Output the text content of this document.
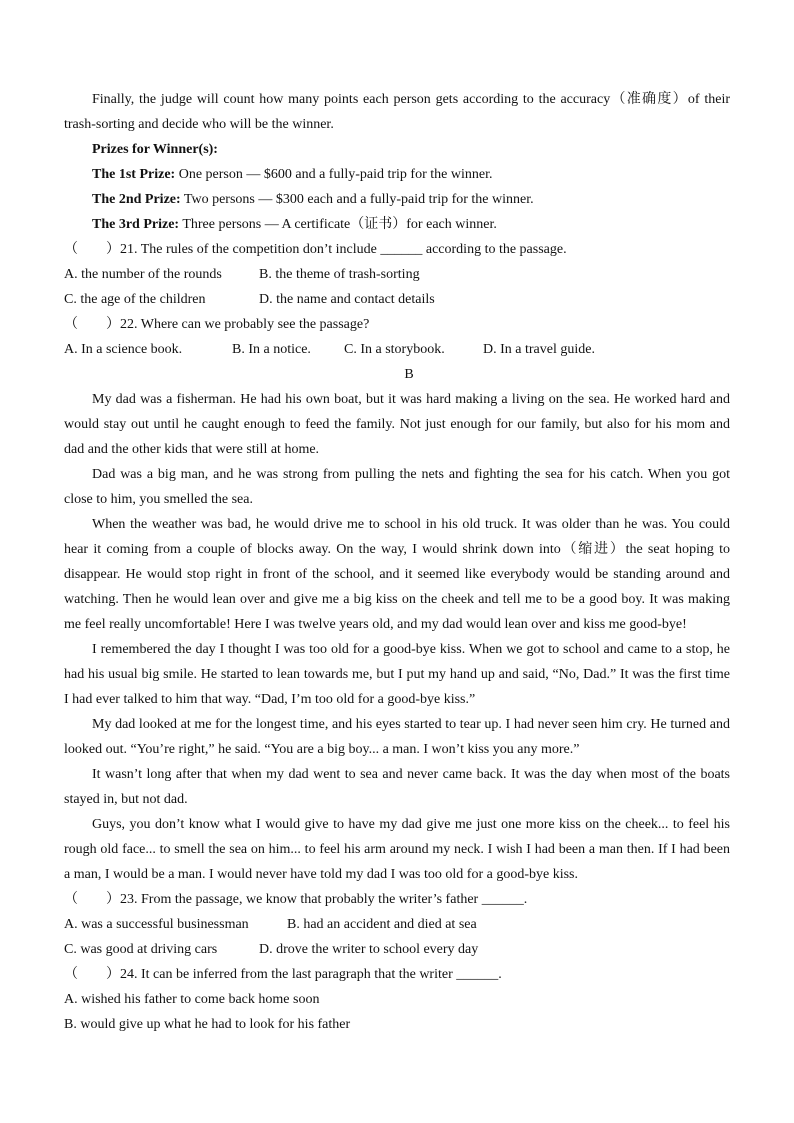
Finally, the judge will count how many points each person gets according to the accuracy（准确度）of their
trash-sorting and decide who will be the winner.
Prizes for Winner(s):
The 1st Prize: One person — $600 and a fully-paid trip for the winner.
The 2nd Prize: Two persons — $300 each and a fully-paid trip for the winner.
The 3rd Prize: Three persons — A certificate（证书）for each winner.
（　　）21. The rules of the competition don’t include ______ according to the passage.
A. the number of the rounds	B. the theme of trash-sorting
C. the age of the children	D. the name and contact details
（　　）22. Where can we probably see the passage?
A. In a science book.	B. In a notice. C. In a storybook.	D. In a travel guide.
B
My dad was a fisherman. He had his own boat, but it was hard making a living on the sea. He worked hard and
would stay out until he caught enough to feed the family. Not just enough for our family, but also for his mom and
dad and the other kids that were still at home.
Dad was a big man, and he was strong from pulling the nets and fighting the sea for his catch. When you got
close to him, you smelled the sea.
When the weather was bad, he would drive me to school in his old truck. It was older than he was. You could
hear it coming from a couple of blocks away. On the way, I would shrink down into（缩进）the seat hoping to
disappear. He would stop right in front of the school, and it seemed like everybody would be standing around and
watching. Then he would lean over and give me a big kiss on the cheek and tell me to be a good boy. It was making
me feel really uncomfortable! Here I was twelve years old, and my dad would lean over and kiss me good-bye!
I remembered the day I thought I was too old for a good-bye kiss. When we got to school and came to a stop, he
had his usual big smile. He started to lean towards me, but I put my hand up and said, “No, Dad.” It was the first time
I had ever talked to him that way. “Dad, I’m too old for a good-bye kiss.”
My dad looked at me for the longest time, and his eyes started to tear up. I had never seen him cry. He turned and
looked out. “You’re right,” he said. “You are a big boy... a man. I won’t kiss you any more.”
It wasn’t long after that when my dad went to sea and never came back. It was the day when most of the boats
stayed in, but not dad.
Guys, you don’t know what I would give to have my dad give me just one more kiss on the cheek... to feel his
rough old face... to smell the sea on him... to feel his arm around my neck. I wish I had been a man then. If I had been
a man, I would be a man. I would never have told my dad I was too old for a good-bye kiss.
（　　）23. From the passage, we know that probably the writer’s father ______.
A. was a successful businessman	B. had an accident and died at sea
C. was good at driving cars	D. drove the writer to school every day
（　　）24. It can be inferred from the last paragraph that the writer ______.
A. wished his father to come back home soon
B. would give up what he had to look for his father
